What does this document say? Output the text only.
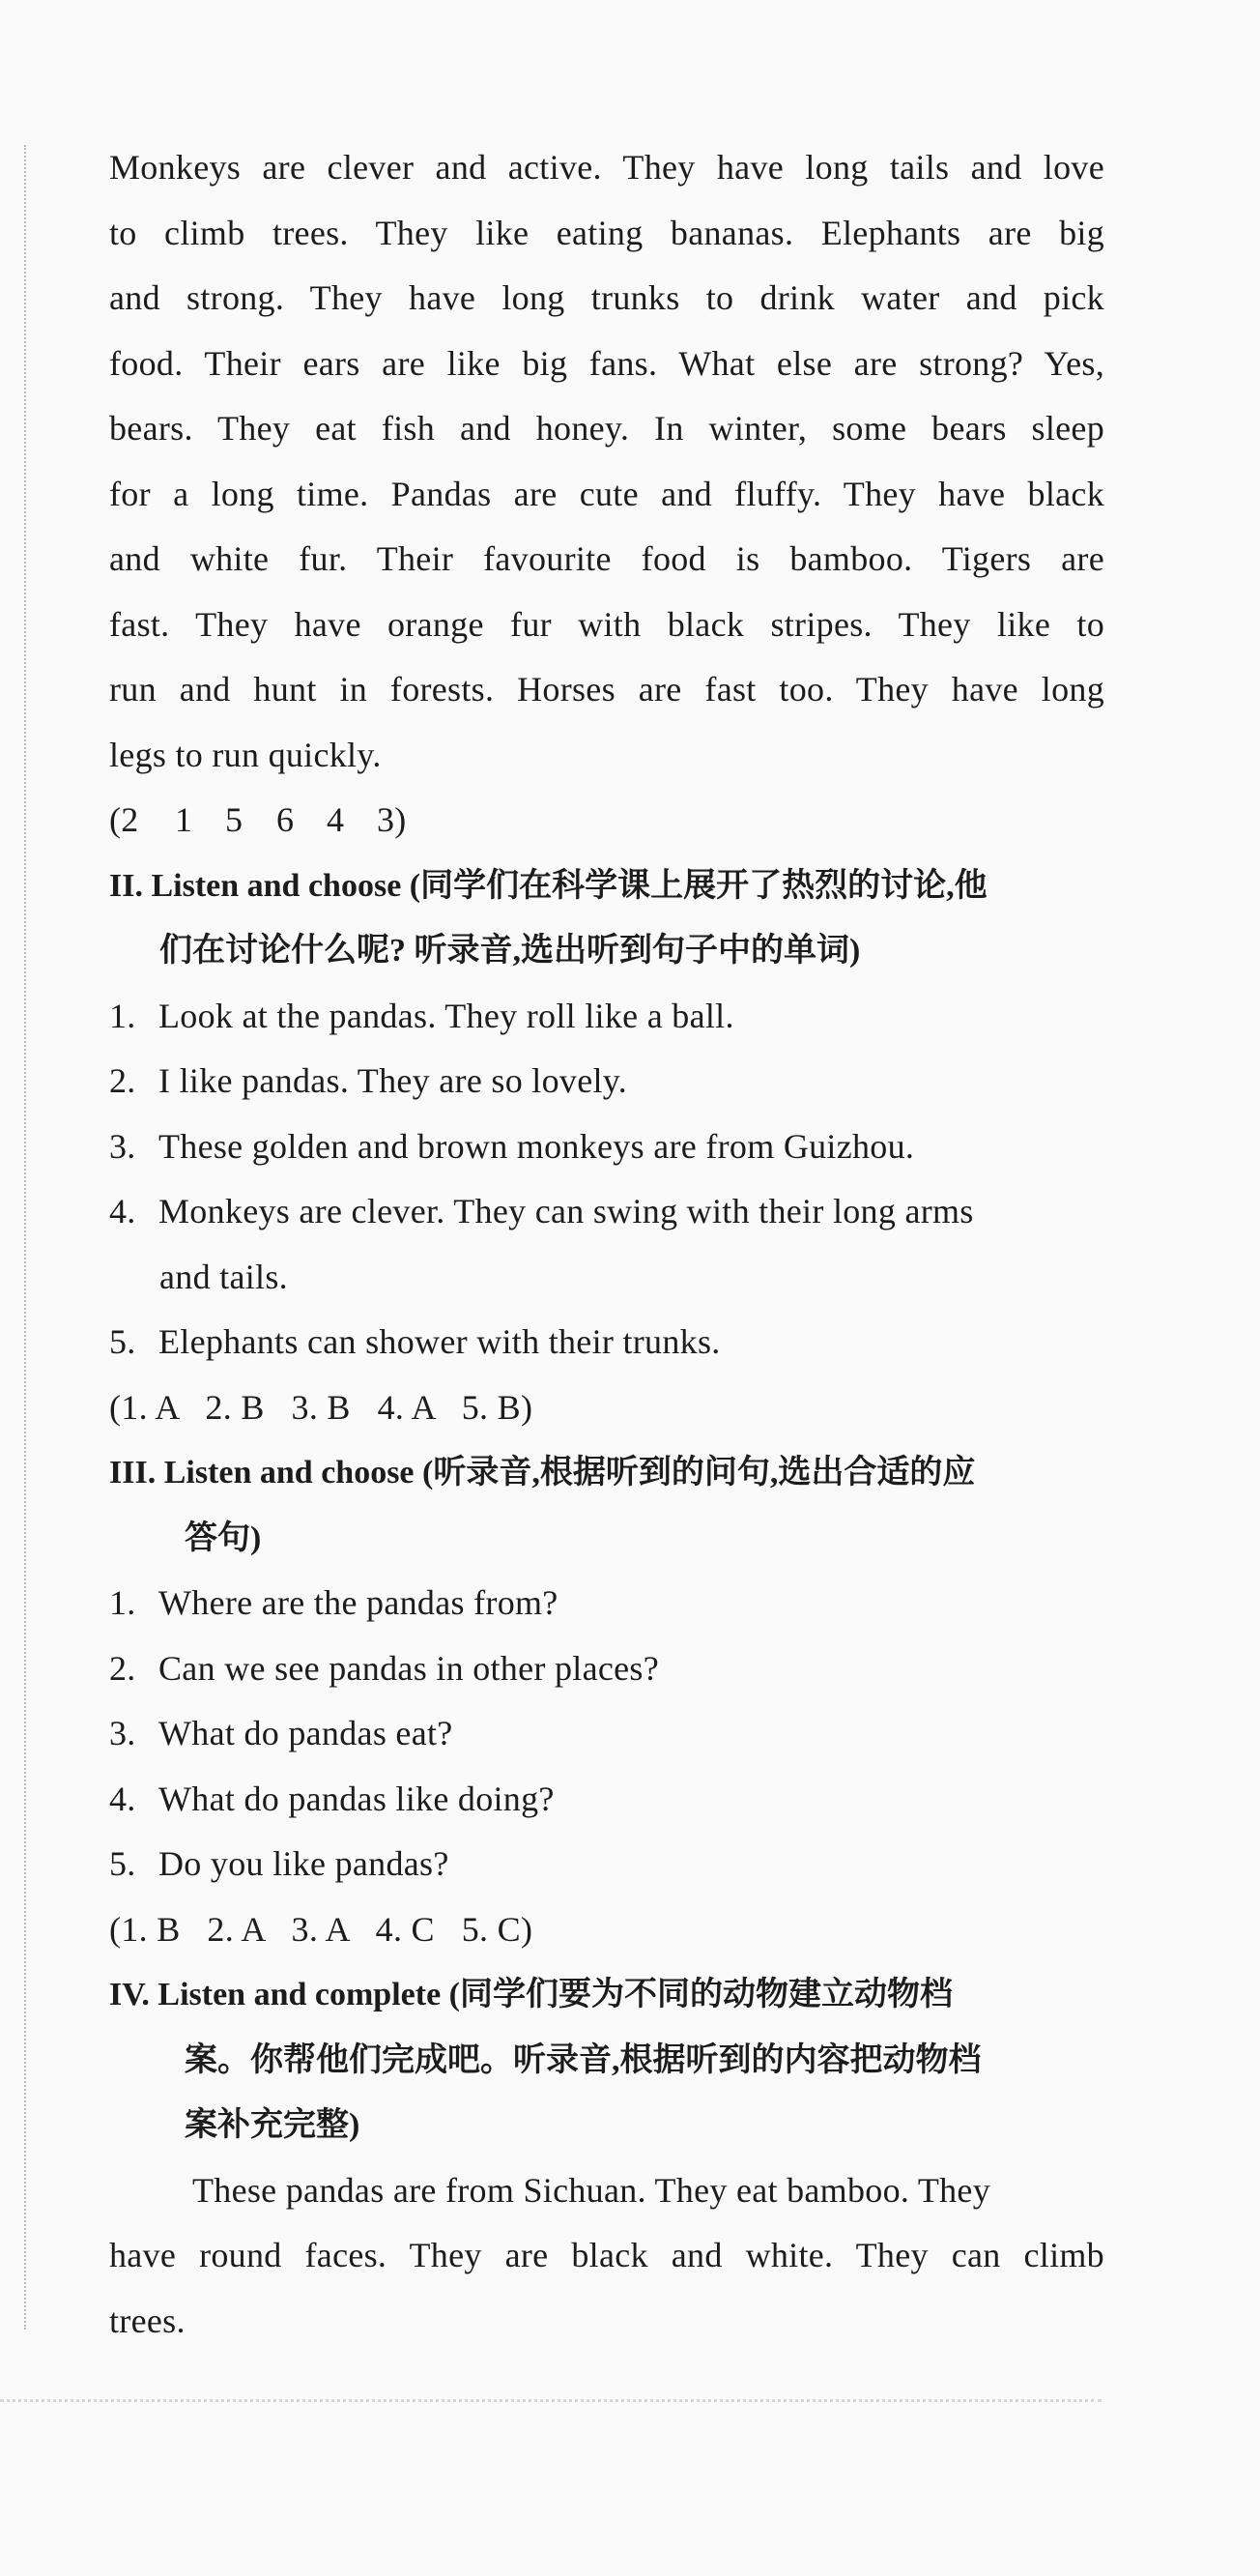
Monkeys are clever and active. They have long tails and love
to climb trees. They like eating bananas. Elephants are big
and strong. They have long trunks to drink water and pick
food. Their ears are like big fans. What else are strong? Yes,
bears. They eat fish and honey. In winter, some bears sleep
for a long time. Pandas are cute and fluffy. They have black
and white fur. Their favourite food is bamboo. Tigers are
fast. They have orange fur with black stripes. They like to
run and hunt in forests. Horses are fast too. They have long
legs to run quickly.
(2 1 5 6 4 3)
II. Listen and choose (同学们在科学课上展开了热烈的讨论,他
们在讨论什么呢? 听录音,选出听到句子中的单词)
1. Look at the pandas. They roll like a ball.
2. I like pandas. They are so lovely.
3. These golden and brown monkeys are from Guizhou.
4. Monkeys are clever. They can swing with their long arms
and tails.
5. Elephants can shower with their trunks.
(1. A   2. B   3. B   4. A   5. B)
III. Listen and choose (听录音,根据听到的问句,选出合适的应
答句)
1. Where are the pandas from?
2. Can we see pandas in other places?
3. What do pandas eat?
4. What do pandas like doing?
5. Do you like pandas?
(1. B   2. A   3. A   4. C   5. C)
IV. Listen and complete (同学们要为不同的动物建立动物档
案。你帮他们完成吧。听录音,根据听到的内容把动物档
案补充完整)
These pandas are from Sichuan. They eat bamboo. They
have round faces. They are black and white. They can climb
trees.
